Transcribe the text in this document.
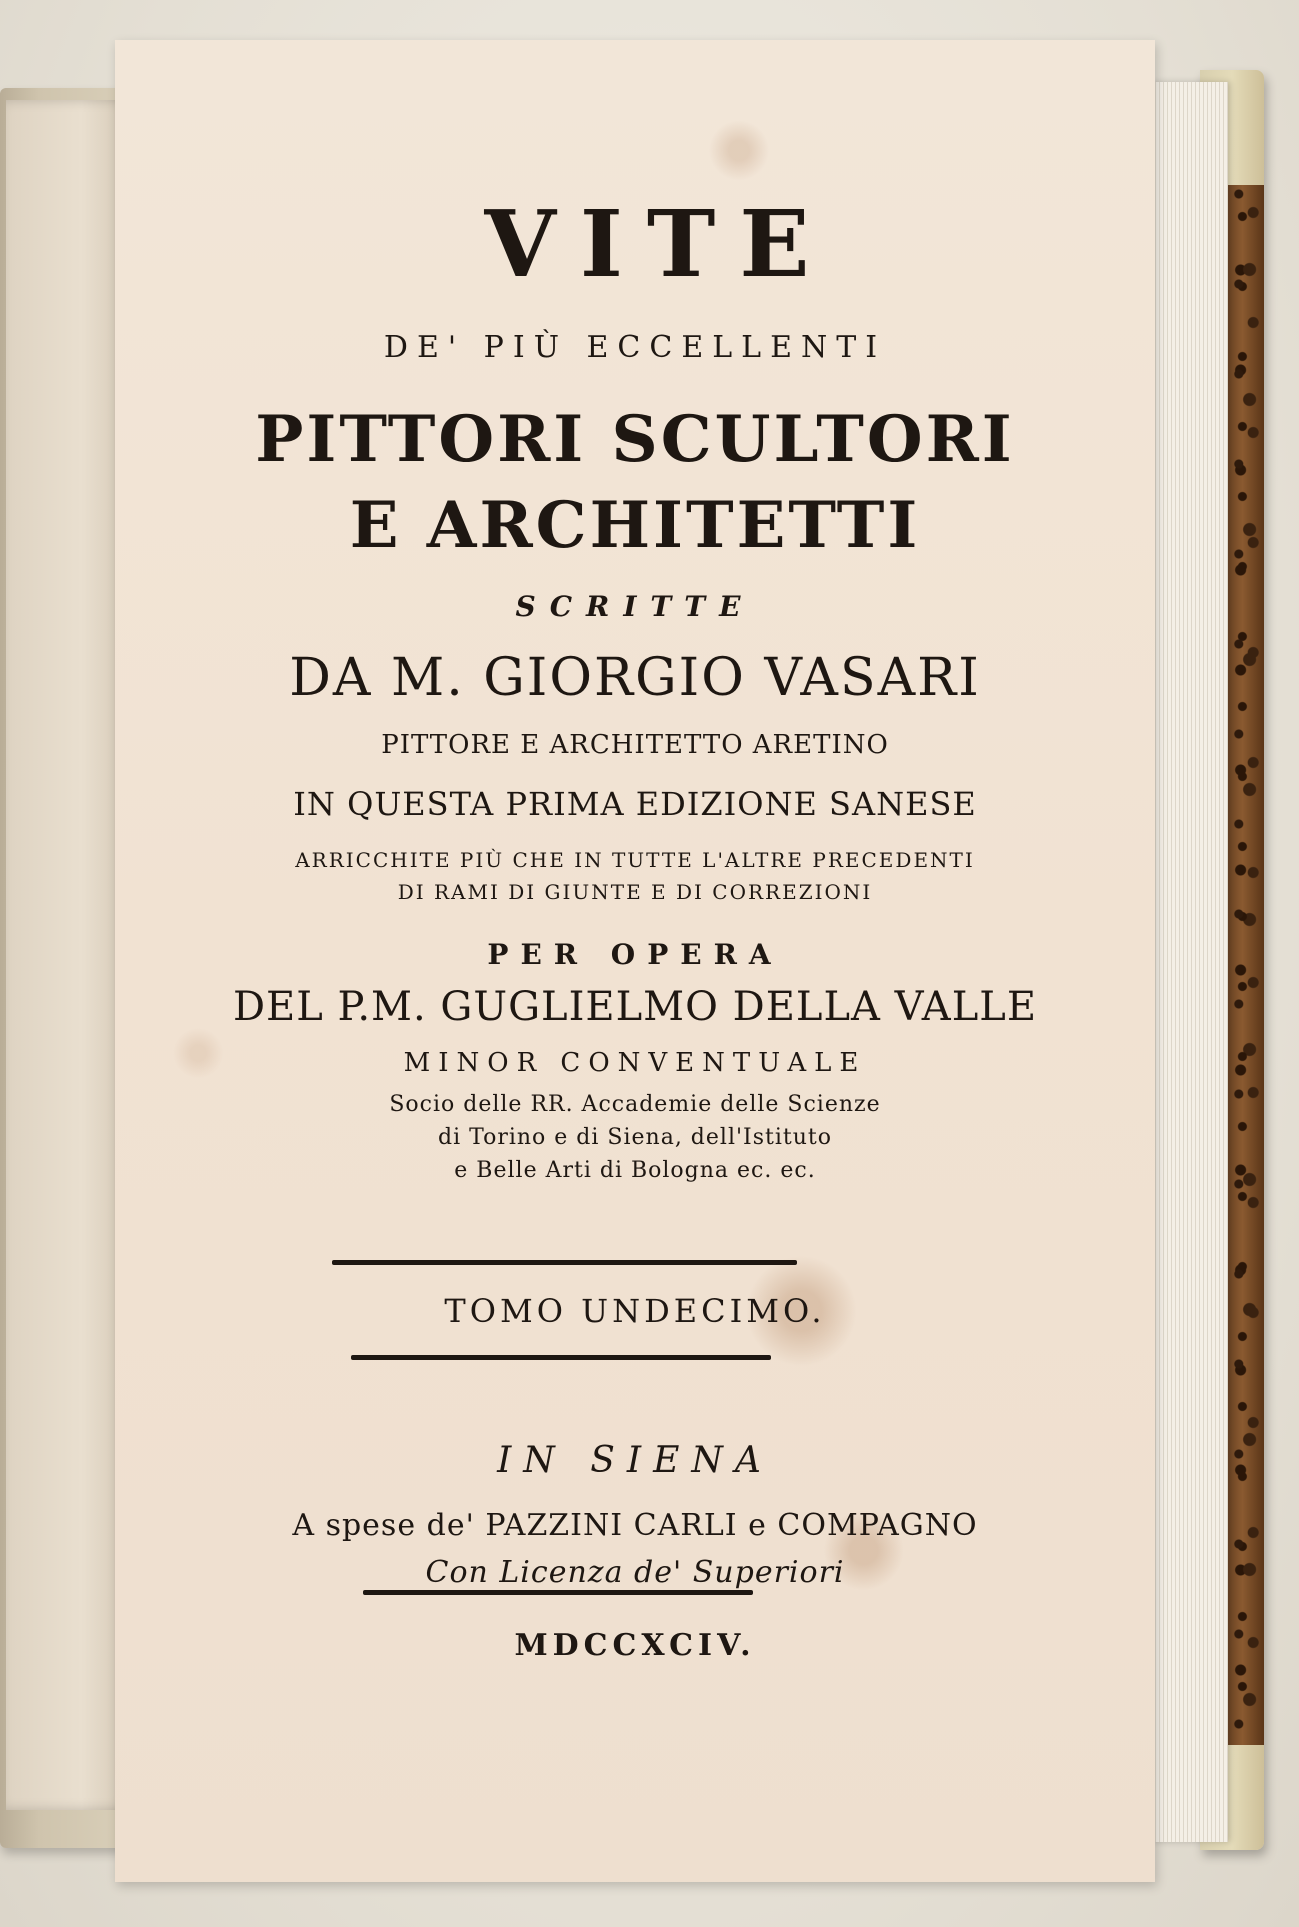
VITE
DE' PIÙ ECCELLENTI
PITTORI SCULTORI
E ARCHITETTI
SCRITTE
DA M. GIORGIO VASARI
PITTORE E ARCHITETTO ARETINO
IN QUESTA PRIMA EDIZIONE SANESE
ARRICCHITE PIÙ CHE IN TUTTE L'ALTRE PRECEDENTI
DI RAMI DI GIUNTE E DI CORREZIONI
PER OPERA
DEL P.M. GUGLIELMO DELLA VALLE
MINOR CONVENTUALE
Socio delle RR. Accademie delle Scienze
di Torino e di Siena, dell'Istituto
e Belle Arti di Bologna ec. ec.
TOMO UNDECIMO.
IN SIENA
A spese de' PAZZINI CARLI e COMPAGNO
Con Licenza de' Superiori
MDCCXCIV.
